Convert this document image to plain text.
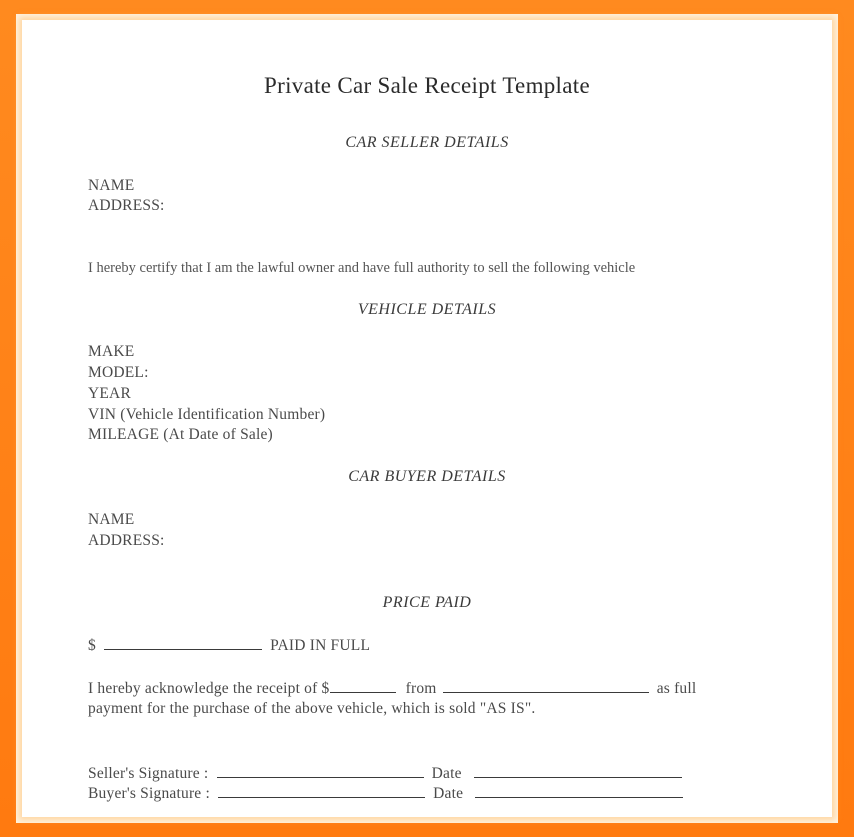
Private Car Sale Receipt Template
CAR SELLER DETAILS
NAME
ADDRESS:
I hereby certify that I am the lawful owner and have full authority to sell the following vehicle
VEHICLE DETAILS
MAKE
MODEL:
YEAR
VIN (Vehicle Identification Number)
MILEAGE (At Date of Sale)
CAR BUYER DETAILS
NAME
ADDRESS:
PRICE PAID
$	PAID IN FULL
I hereby acknowledge the receipt of $	from	as full
payment for the purchase of the above vehicle, which is sold "AS IS".
Seller's Signature :	Date
Buyer's Signature :	Date
